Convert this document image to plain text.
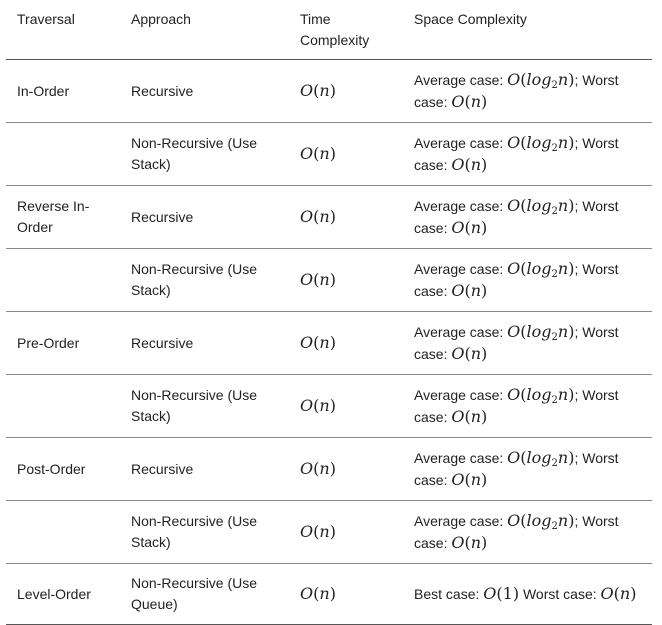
Traversal	Approach	Time Complexity	Space Complexity
In-Order	Recursive	O(n)	Average case: $O(\log_2n)$; Worst case: O(n)
	Non-Recursive (Use Stack)	O(n)	Average case: $O(\log_2n)$; Worst case: O(n)
Reverse In-Order	Recursive	O(n)	Average case: $O(\log_2n)$; Worst case: O(n)
	Non-Recursive (Use Stack)	O(n)	Average case: $O(\log_2n)$; Worst case: O(n)
Pre-Order	Recursive	O(n)	Average case: $O(\log_2n)$; Worst case: O(n)
	Non-Recursive (Use Stack)	O(n)	Average case: $O(\log_2n)$; Worst case: O(n)
Post-Order	Recursive	O(n)	Average case: $O(\log_2n)$; Worst case: O(n)
	Non-Recursive (Use Stack)	O(n)	Average case: $O(\log_2n)$; Worst case: O(n)
Level-Order	Non-Recursive (Use Queue)	O(n)	Best case: O(1) Worst case: O(n)
